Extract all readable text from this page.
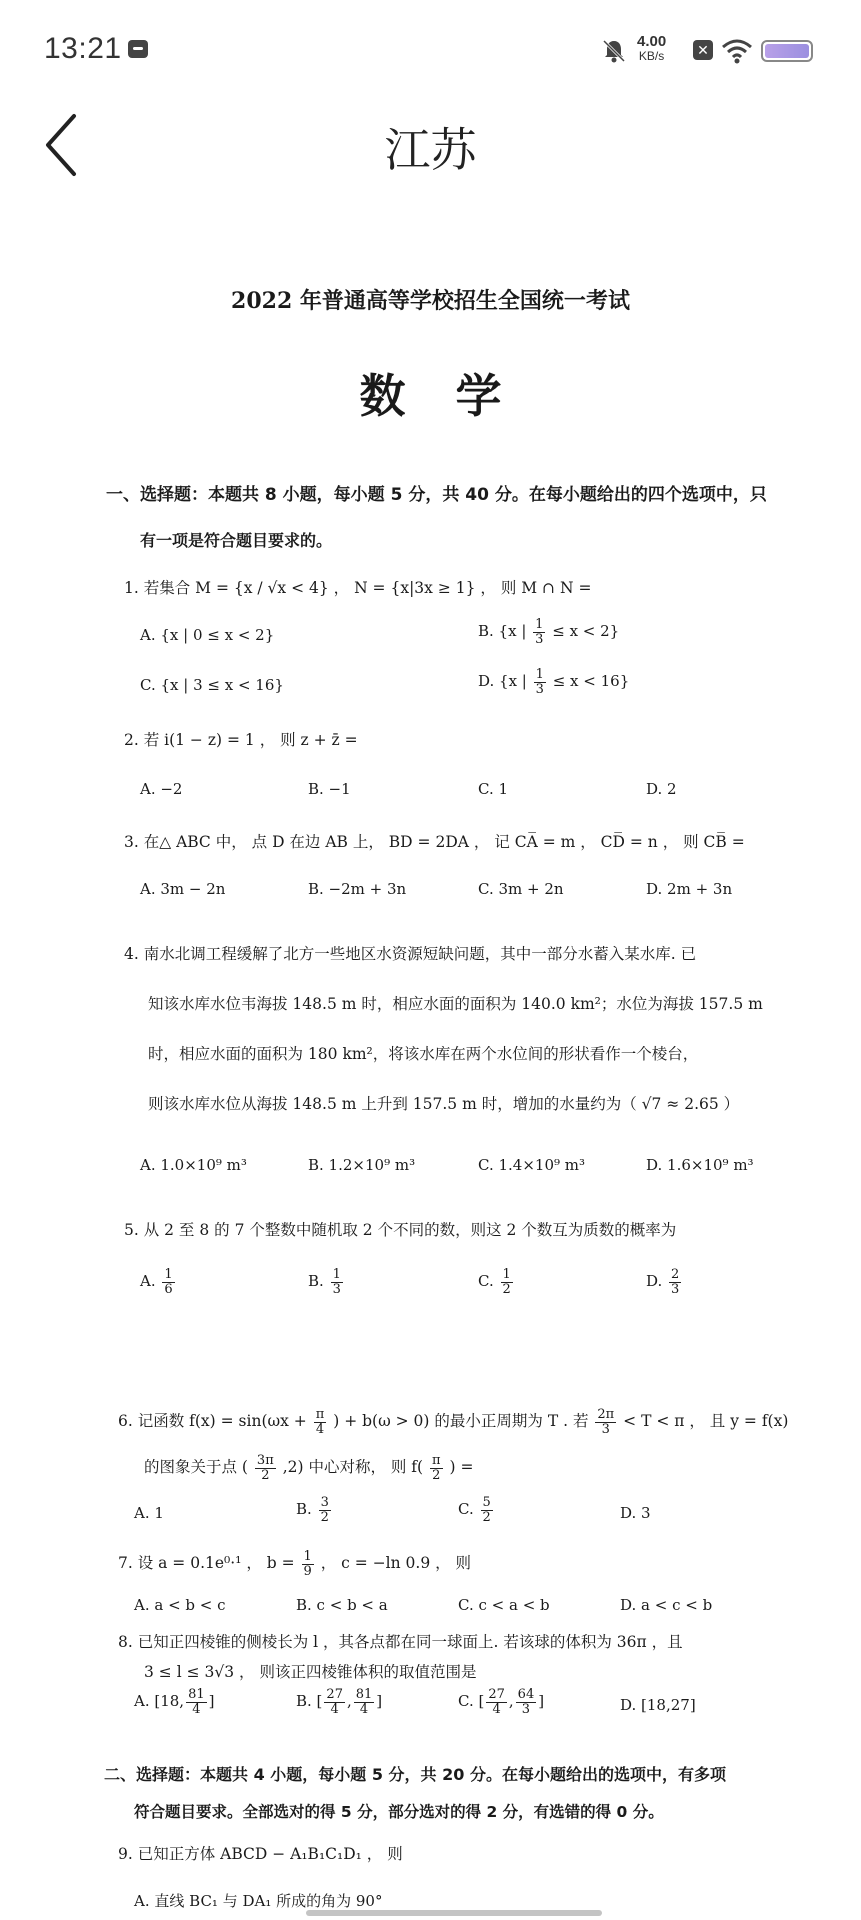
13:21	4.00
KB/s ✕
江苏
2022 年普通高等学校招生全国统一考试
数学
一、选择题：本题共 8 小题，每小题 5 分，共 40 分。在每小题给出的四个选项中，只
有一项是符合题目要求的。
1. 若集合 M = {x / √x < 4} ， N = {x|3x ≥ 1} ， 则 M ∩ N =
A. {x | 0 ≤ x < 2}	B. {x | $\frac{1}{3} \le x < 2$}
C. {x | 3 ≤ x < 16}	D. {x | $\frac{1}{3} \le x < 16$}
2. 若 i(1 − z) = 1 ， 则 z + z̄ =
A. −2	B. −1	C. 1	D. 2
3. 在△ ABC 中， 点 D 在边 AB 上， BD = 2DA ， 记 CA̅ = m ， CD̅ = n ， 则 CB̅ =
A. 3m − 2n	B. −2m + 3n	C. 3m + 2n	D. 2m + 3n
4. 南水北调工程缓解了北方一些地区水资源短缺问题，其中一部分水蓄入某水库. 已
知该水库水位韦海拔 148.5 m 时，相应水面的面积为 140.0 km²；水位为海拔 157.5 m
时，相应水面的面积为 180 km²，将该水库在两个水位间的形状看作一个棱台，
则该水库水位从海拔 148.5 m 上升到 157.5 m 时，增加的水量约为（ √7 ≈ 2.65 ）
A. 1.0×10⁹ m³	B. 1.2×10⁹ m³	C. 1.4×10⁹ m³	D. 1.6×10⁹ m³
5. 从 2 至 8 的 7 个整数中随机取 2 个不同的数，则这 2 个数互为质数的概率为
A. $\frac{1}{6}$	B. $\frac{1}{3}$	C. $\frac{1}{2}$	D. $\frac{2}{3}$
6. 记函数 $f(x) = \sin(\omega x + \frac{\pi}{4}$ ) + b(ω > 0) 的最小正周期为 T . 若 $\frac{2\pi}{3} < T < \pi$ ， 且 y = f(x)
的图象关于点 ( $\frac{3\pi}{2} ,2$) 中心对称， 则 $f( \frac{\pi}{2}$ ) =
A. 1	B. $\frac{3}{2}$	C. $\frac{5}{2}$	D. 3
7. 设 a = 0.1e⁰·¹ ， $b = \frac{1}{9}$ ， c = −ln 0.9 ， 则
A. a < b < c	B. c < b < a	C. c < a < b	D. a < c < b
8. 已知正四棱锥的侧棱长为 l ，其各点都在同一球面上. 若该球的体积为 36π ，且
3 ≤ l ≤ 3√3 ， 则该正四棱锥体积的取值范围是
A. [18, $\frac{81}{4}$ ]	B. [ $\frac{27}{4}$ , $\frac{81}{4}$ ]	C. [ $\frac{27}{4}$ , $\frac{64}{3}$ ]	D. [18,27]
二、选择题：本题共 4 小题，每小题 5 分，共 20 分。在每小题给出的选项中，有多项
符合题目要求。全部选对的得 5 分，部分选对的得 2 分，有选错的得 0 分。
9. 已知正方体 ABCD − A₁B₁C₁D₁ ， 则
A. 直线 BC₁ 与 DA₁ 所成的角为 90°
